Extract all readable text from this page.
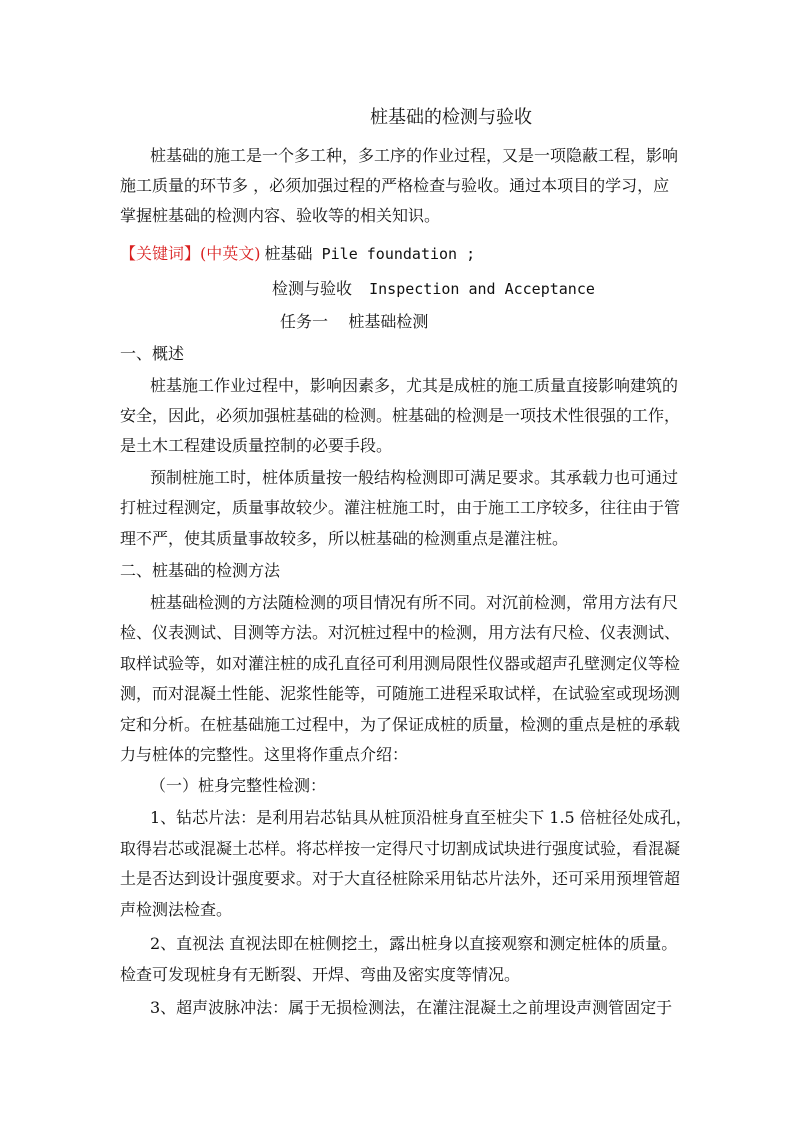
桩基础的检测与验收
桩基础的施工是一个多工种，多工序的作业过程，又是一项隐蔽工程，影响
施工质量的环节多 ，必须加强过程的严格检查与验收。通过本项目的学习，应
掌握桩基础的检测内容、验收等的相关知识。
【关键词】(中英文) 桩基础 Pile foundation ;
检测与验收 Inspection and Acceptance
任务一    桩基础检测
一、概述
桩基施工作业过程中，影响因素多，尤其是成桩的施工质量直接影响建筑的
安全，因此，必须加强桩基础的检测。桩基础的检测是一项技术性很强的工作，
是土木工程建设质量控制的必要手段。
预制桩施工时，桩体质量按一般结构检测即可满足要求。其承载力也可通过
打桩过程测定，质量事故较少。灌注桩施工时，由于施工工序较多，往往由于管
理不严，使其质量事故较多，所以桩基础的检测重点是灌注桩。
二、桩基础的检测方法
桩基础检测的方法随检测的项目情况有所不同。对沉前检测，常用方法有尺
检、仪表测试、目测等方法。对沉桩过程中的检测，用方法有尺检、仪表测试、
取样试验等，如对灌注桩的成孔直径可利用测局限性仪器或超声孔壁测定仪等检
测，而对混凝土性能、泥浆性能等，可随施工进程采取试样，在试验室或现场测
定和分析。在桩基础施工过程中，为了保证成桩的质量，检测的重点是桩的承载
力与桩体的完整性。这里将作重点介绍：
（一）桩身完整性检测：
1、钻芯片法：是利用岩芯钻具从桩顶沿桩身直至桩尖下 1.5 倍桩径处成孔，
取得岩芯或混凝土芯样。将芯样按一定得尺寸切割成试块进行强度试验，看混凝
土是否达到设计强度要求。对于大直径桩除采用钻芯片法外，还可采用预埋管超
声检测法检查。
2、直视法 直视法即在桩侧挖土，露出桩身以直接观察和测定桩体的质量。
检查可发现桩身有无断裂、开焊、弯曲及密实度等情况。
3、超声波脉冲法：属于无损检测法，在灌注混凝土之前埋设声测管固定于
